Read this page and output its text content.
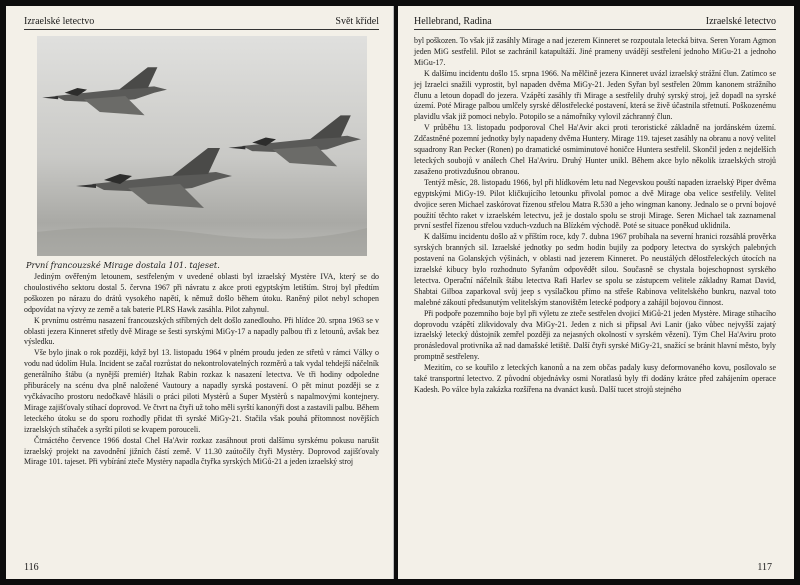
Izraelské letectvo	Svět křídel
První francouzské Mirage dostala 101. tajeset.

Jediným ověřeným letounem, sestřeleným v uvedené oblasti byl izraelský Mystère IVA, který se do choulostivého sektoru dostal 5. června 1967 při návratu z akce proti egyptským letištím. Stroj byl předtím poškozen po nárazu do drátů vysokého napětí, k němuž došlo během útoku. Raněný pilot nebyl schopen odpovídat na výzvy ze země a tak baterie PLRS Hawk zasáhla. Pilot zahynul.

K prvnímu ostrému nasazení francouzských stříbrných delt došlo zanedlouho. Při hlídce 20. srpna 1963 se v oblasti jezera Kinneret střetly dvě Mirage se šesti syrskými MiGy-17 a napadly palbou tři z letounů, avšak bez výsledku.

Vše bylo jinak o rok později, když byl 13. listopadu 1964 v plném proudu jeden ze střetů v rámci Války o vodu nad údolím Hula. Incident se začal rozrůstat do nekontrolovatelných rozměrů a tak vydal tehdejší náčelník generálního štábu (a nynější premiér) Itzhak Rabin rozkaz k nasazení letectva. Ve tři hodiny odpoledne přiburácely na scénu dva plně naložené Vautoury a napadly syrská postavení. O pět minut později se z vyčkávacího prostoru nedočkavě hlásili o práci piloti Mystèrů a Super Mystèrů s napalmovými kontejnery. Mirage zajišťovaly stíhací doprovod. Ve čtvrt na čtyři už toho měli syrští kanonýři dost a zastavili palbu. Během leteckého útoku se do sporu rozhodly přidat tři syrské MiGy-21. Stačila však pouhá přítomnost novějších izraelských stíhaček a syrští piloti se kvapem porouceli.

Čtrnáctého července 1966 dostal Chel Ha'Avir rozkaz zasáhnout proti dalšímu syrskému pokusu narušit izraelský projekt na zavodnění jižních částí země. V 11.30 zaútočily čtyři Mystèry. Doprovod zajišťovaly Mirage 101. tajeset. Při vybírání zteče Mystèry napadla čtyřka syrských MiGů-21 a jeden izraelský stroj

116
Hellebrand, Radina	Izraelské letectvo

byl poškozen. To však již zasáhly Mirage a nad jezerem Kinneret se rozpoutala letecká bitva. Seren Yoram Agmon jeden MiG sestřelil. Pilot se zachránil katapultáží. Jiné prameny uvádějí sestřelení jednoho MiGu-21 a jednoho MiGu-17.

K dalšímu incidentu došlo 15. srpna 1966. Na mělčině jezera Kinneret uvázl izraelský strážní člun. Zatímco se jej Izraelci snažili vyprostit, byl napaden dvěma MiGy-21. Jeden Syřan byl sestřelen 20mm kanonem strážního člunu a letoun dopadl do jezera. Vzápětí zasáhly tři Mirage a sestřelily druhý syrský stroj, jež dopadl na syrské území. Poté Mirage palbou umlčely syrské dělostřelecké postavení, která se živě účastnila střetnutí. Poškozenému plavidlu však již pomoci nebylo. Potopilo se a námořníky vylovil záchranný člun.

V průběhu 13. listopadu podporoval Chel Ha'Avir akci proti teroristické základně na jordánském území. Zdčastněné pozemní jednotky byly napadeny dvěma Huntery. Mirage 119. tajeset zasáhly na obranu a nový velitel squadrony Ran Pecker (Ronen) po dramatické osmiminutové honičce Huntera sestřelil. Skončil jeden z nejdelších leteckých soubojů v análech Chel Ha'Aviru. Druhý Hunter unikl. Během akce bylo několik izraelských strojů zasaženo protivzdušnou obranou.

Tentýž měsíc, 28. listopadu 1966, byl při hlídkovém letu nad Negevskou pouští napaden izraelský Piper dvěma egyptskými MiGy-19. Pilot kličkujícího letounku přivolal pomoc a dvě Mirage oba velice sestřelily. Velitel dvojice seren Michael zaskórovat řízenou střelou Matra R.530 a jeho wingman kanony. Jednalo se o první bojové použití těchto raket v izraelském letectvu, jež je dostalo spolu se stroji Mirage. Seren Michael tak zaznamenal první sestřel řízenou střelou vzduch-vzduch na Blízkém východě. Poté se situace poněkud uklidnila.

K dalšímu incidentu došlo až v příštím roce, kdy 7. dubna 1967 probíhala na severní hranici rozsáhlá prověrka syrských branných sil. Izraelské jednotky po sedm hodin bujily za podpory letectva do syrských palebných postavení na Golanských výšinách, v oblasti nad jezerem Kinneret. Po neustálých dělostřeleckých útocích na izraelské kibucy bylo rozhodnuto Syřanům odpovědět silou. Současně se chystala bojeschopnost syrského letectva. Operační náčelník štábu letectva Rafi Harlev se spolu se zástupcem velitele základny Ramat David, Shabtai Gilboa zaparkoval svůj jeep s vysílačkou přímo na střeše Rabinova velitelského bunkru, nazval toto malebné zákoutí předsunutým velitelským stanovištěm letecké podpory a zahájil bojovou činnost.

Při podpoře pozemního boje byl při výletu ze zteče sestřelen dvojicí MiGů-21 jeden Mystère. Mirage stíhacího doprovodu vzápětí zlikvidovaly dva MiGy-21. Jeden z nich si připsal Avi Lanir (jako vůbec nejvyšší zajatý izraelský letecký důstojník zemřel později za nejasných okolností v syrském vězení). Tým Chel Ha'Aviru proto pronásledoval protivníka až nad damašské letiště. Další čtyři syrské MiGy-21, snažící se bránit hlavní město, byly promptně sestřeleny.

Mezitím, co se kouřilo z leteckých kanonů a na zem občas padaly kusy deformovaného kovu, posílovalo se také transportní letectvo. Z původní objednávky osmi Noratlasů byly tři dodány krátce před zahájením operace Kadesh. Po válce byla zakázka rozšířena na dvanáct kusů. Další tucet strojů stejného

117
